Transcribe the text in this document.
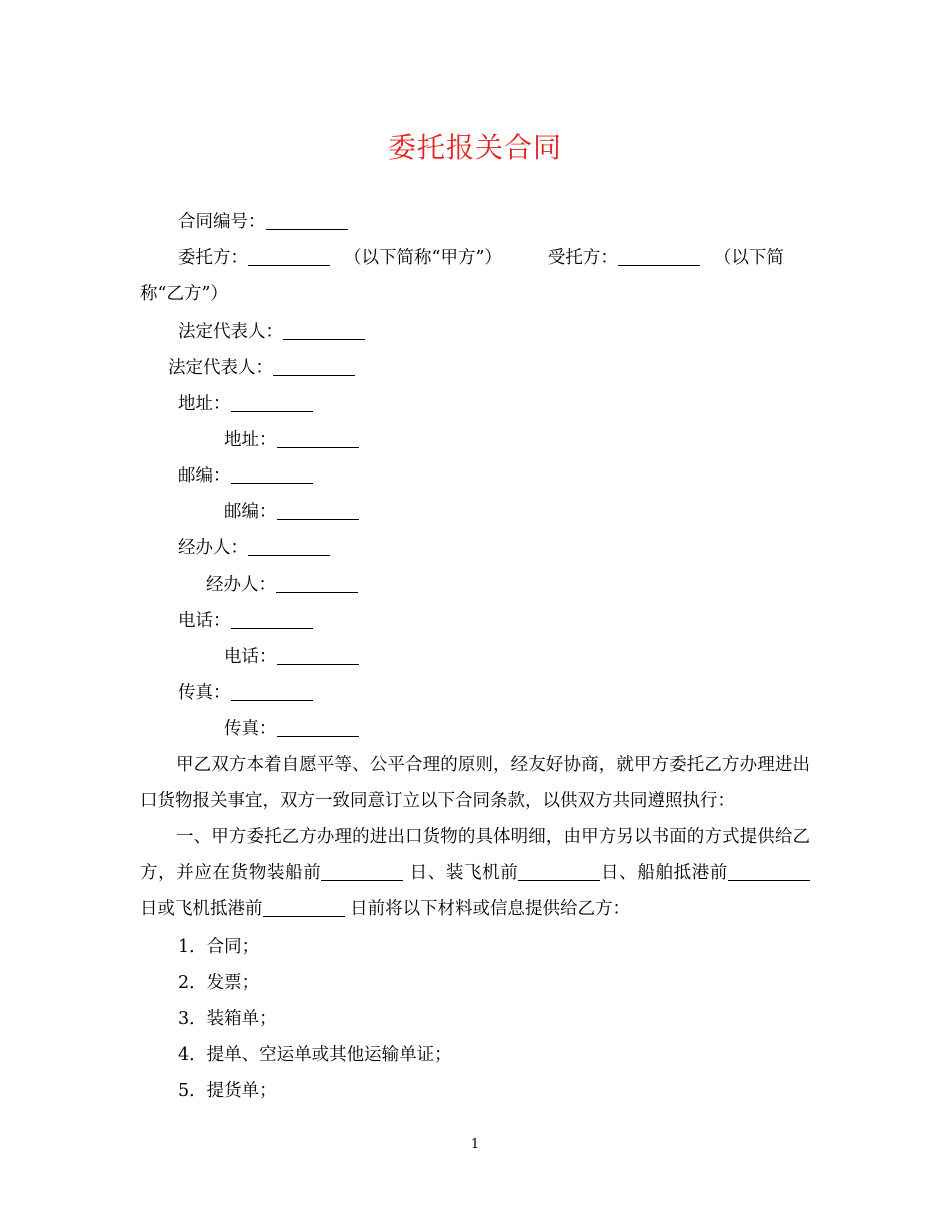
委托报关合同
合同编号：
委托方：	（以下简称“甲方”）	受托方：	（以下简
称“乙方”）
法定代表人：
法定代表人：
地址：
地址：
邮编：
邮编：
经办人：
经办人：
电话：
电话：
传真：
传真：
甲乙双方本着自愿平等、公平合理的原则，经友好协商，就甲方委托乙方办理进出口货物报关事宜，双方一致同意订立以下合同条款，以供双方共同遵照执行：
一、甲方委托乙方办理的进出口货物的具体明细，由甲方另以书面的方式提供给乙方，并应在货物装船前	日、装飞机前	日、船舶抵港前日或飞机抵港前	日前将以下材料或信息提供给乙方：
1．合同；
2．发票；
3．装箱单；
4．提单、空运单或其他运输单证；
5．提货单；
1
